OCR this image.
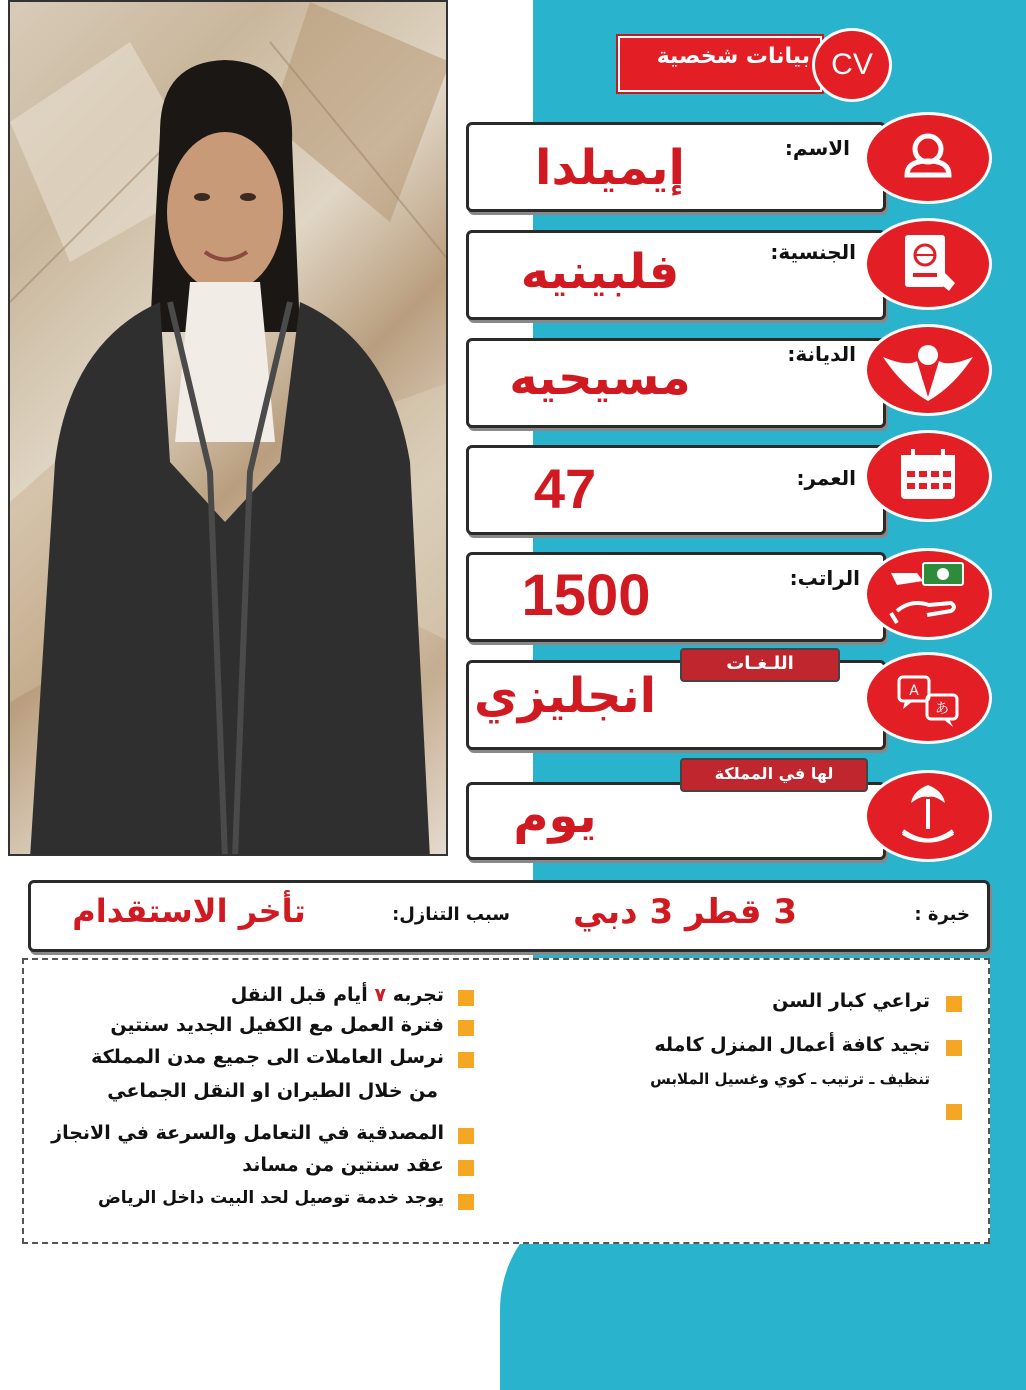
بيانات شخصية CV
الاسم:
إيميلدا
الجنسية:
فلبينيه
الديانة:
مسيحيه
العمر:
47
الراتب:
1500
اللـغـات
انجليزي	A
あ
لها في المملكة
يوم
خبرة :
3 قطر 3 دبي
سبب التنازل:
تأخر الاستقدام
تراعي كبار السن
تجيد كافة أعمال المنزل كامله
تنظيف ـ ترتيب ـ كوي وغسيل الملابس
تجربه ٧ أيام قبل النقل
فترة العمل مع الكفيل الجديد سنتين
نرسل العاملات الى جميع مدن المملكة
من خلال الطيران او النقل الجماعي
المصدقية في التعامل والسرعة في الانجاز
عقد سنتين من مساند
يوجد خدمة توصيل لحد البيت داخل الرياض
